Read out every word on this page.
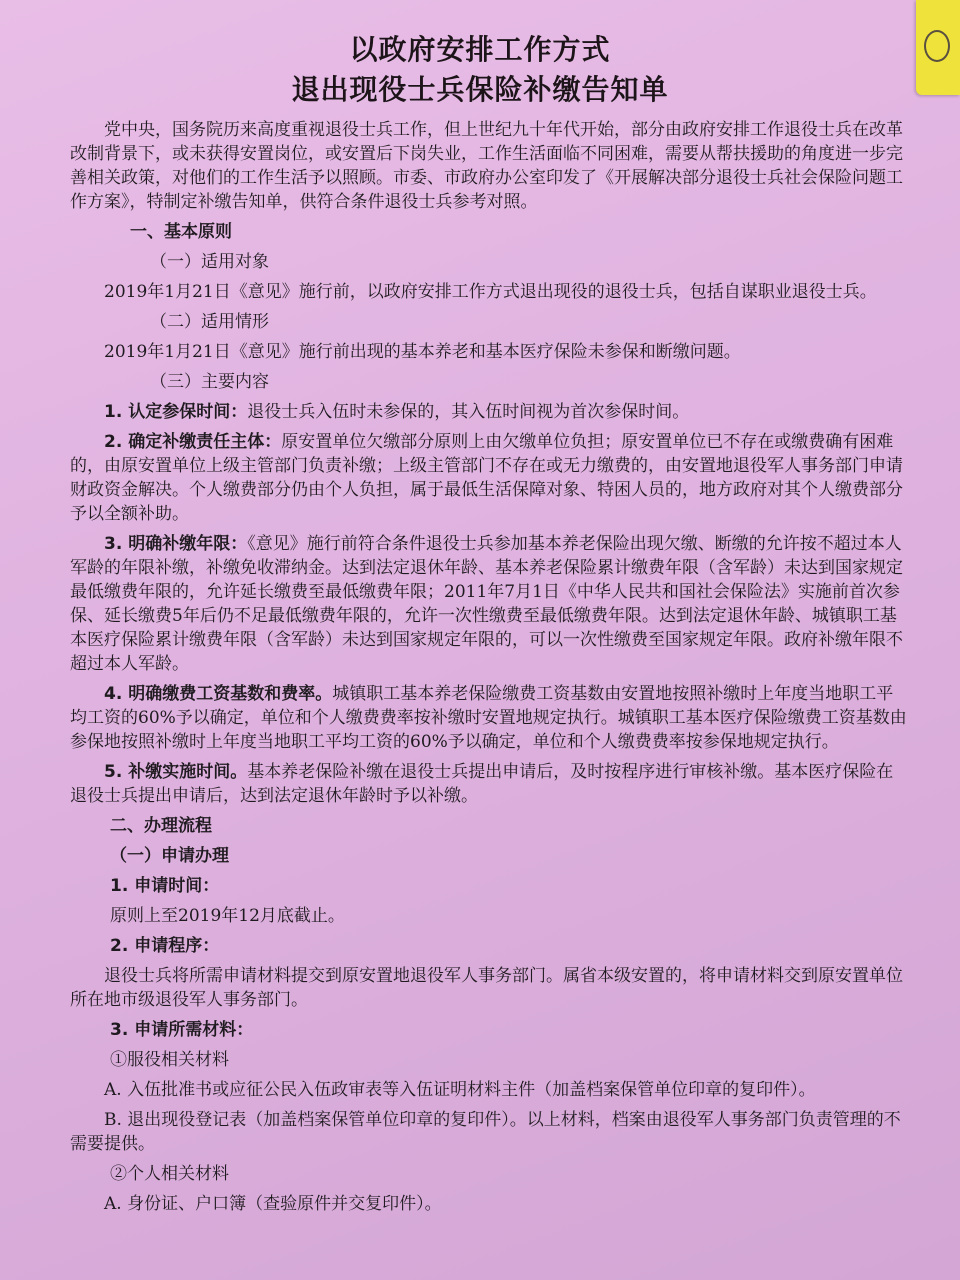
以政府安排工作方式
退出现役士兵保险补缴告知单

党中央，国务院历来高度重视退役士兵工作，但上世纪九十年代开始，部分由政府安排工作退役士兵在改革改制背景下，或未获得安置岗位，或安置后下岗失业，工作生活面临不同困难，需要从帮扶援助的角度进一步完善相关政策，对他们的工作生活予以照顾。市委、市政府办公室印发了《开展解决部分退役士兵社会保险问题工作方案》，特制定补缴告知单，供符合条件退役士兵参考对照。

一、基本原则

（一）适用对象

2019年1月21日《意见》施行前，以政府安排工作方式退出现役的退役士兵，包括自谋职业退役士兵。

（二）适用情形

2019年1月21日《意见》施行前出现的基本养老和基本医疗保险未参保和断缴问题。

（三）主要内容

1. 认定参保时间：退役士兵入伍时未参保的，其入伍时间视为首次参保时间。

2. 确定补缴责任主体：原安置单位欠缴部分原则上由欠缴单位负担；原安置单位已不存在或缴费确有困难的，由原安置单位上级主管部门负责补缴；上级主管部门不存在或无力缴费的，由安置地退役军人事务部门申请财政资金解决。个人缴费部分仍由个人负担，属于最低生活保障对象、特困人员的，地方政府对其个人缴费部分予以全额补助。

3. 明确补缴年限：《意见》施行前符合条件退役士兵参加基本养老保险出现欠缴、断缴的允许按不超过本人军龄的年限补缴，补缴免收滞纳金。达到法定退休年龄、基本养老保险累计缴费年限（含军龄）未达到国家规定最低缴费年限的，允许延长缴费至最低缴费年限；2011年7月1日《中华人民共和国社会保险法》实施前首次参保、延长缴费5年后仍不足最低缴费年限的，允许一次性缴费至最低缴费年限。达到法定退休年龄、城镇职工基本医疗保险累计缴费年限（含军龄）未达到国家规定年限的，可以一次性缴费至国家规定年限。政府补缴年限不超过本人军龄。

4. 明确缴费工资基数和费率。城镇职工基本养老保险缴费工资基数由安置地按照补缴时上年度当地职工平均工资的60%予以确定，单位和个人缴费费率按补缴时安置地规定执行。城镇职工基本医疗保险缴费工资基数由参保地按照补缴时上年度当地职工平均工资的60%予以确定，单位和个人缴费费率按参保地规定执行。

5. 补缴实施时间。基本养老保险补缴在退役士兵提出申请后，及时按程序进行审核补缴。基本医疗保险在退役士兵提出申请后，达到法定退休年龄时予以补缴。

二、办理流程

（一）申请办理

1. 申请时间：

原则上至2019年12月底截止。

2. 申请程序：

退役士兵将所需申请材料提交到原安置地退役军人事务部门。属省本级安置的，将申请材料交到原安置单位所在地市级退役军人事务部门。

3. 申请所需材料：

①服役相关材料

A. 入伍批准书或应征公民入伍政审表等入伍证明材料主件（加盖档案保管单位印章的复印件）。

B. 退出现役登记表（加盖档案保管单位印章的复印件）。以上材料，档案由退役军人事务部门负责管理的不需要提供。

②个人相关材料

A. 身份证、户口簿（查验原件并交复印件）。
